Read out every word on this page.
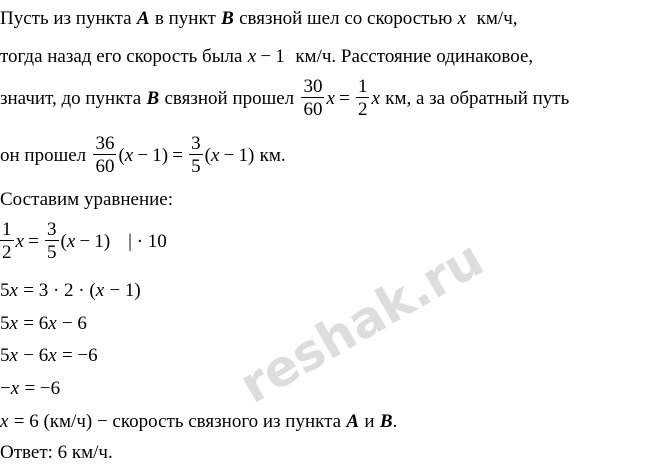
Пусть из пункта A в пункт B связной шел со скоростью x км/ч,
тогда назад его скорость была x − 1 км/ч . Расстояние одинаковое,
значит, до пункта B связной прошел $\frac{30}{60}$ $x = \frac{1}{2}$ x км, а за обратный путь
он прошел $\frac{36}{60}$ ( x − 1 ) = $\frac{3}{5}$ ( x − 1 ) км.
Составим уравнение:
$\frac{1}{2}$ $x = \frac{3}{5}$ ( x − 1 ) | · 10
5 x = 3 · 2 · ( x − 1)
5 x = 6 x − 6
5 x − 6 x = −6
− x = −6
x = 6 (км/ч) − скорость связного из пункта A и B .
Ответ: 6 км/ч.
reshak.ru
